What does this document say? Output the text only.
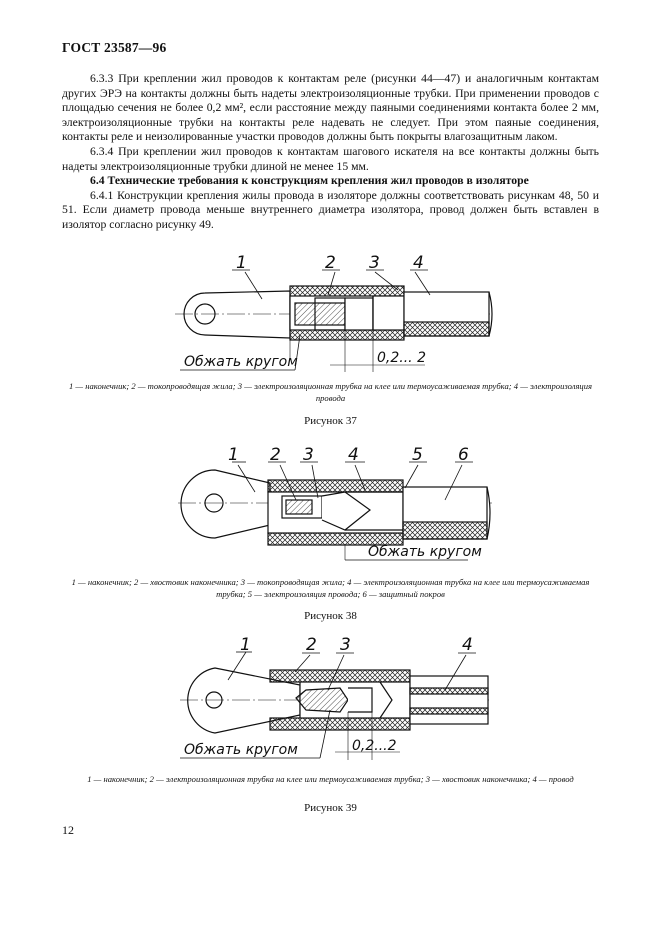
ГОСТ 23587—96

6.3.3 При креплении жил проводов к контактам реле (рисунки 44—47) и аналогичным контактам других ЭРЭ на контакты должны быть надеты электроизоляционные трубки. При применении проводов с площадью сечения не более 0,2 мм², если расстояние между паяными соединениями контакта более 2 мм, электроизоляционные трубки на контакты реле надевать не следует. При этом паяные соединения, контакты реле и неизолированные участки проводов должны быть покрыты влагозащитным лаком.

6.3.4 При креплении жил проводов к контактам шагового искателя на все контакты должны быть надеты электроизоляционные трубки длиной не менее 15 мм.

6.4 Технические требования к конструкциям крепления жил проводов в изоляторе

6.4.1 Конструкции крепления жилы провода в изоляторе должны соответствовать рисункам 48, 50 и 51. Если диаметр провода меньше внутреннего диаметра изолятора, провод должен быть вставлен в изолятор согласно рисунку 49.

1	2 3 4
Обжать кругом	0,2... 2
1 2 3 4	5 6
Обжать кругом
1	2 3	4
Обжать кругом	0,2...2
1 — наконечник; 2 — токопроводящая жила; 3 — электроизоляционная трубка на клее или термоусаживаемая трубка; 4 — электроизоляция провода
Рисунок 37
1 — наконечник; 2 — хвостовик наконечника; 3 — токопроводящая жила; 4 — электроизоляционная трубка на клее или термоусаживаемая трубка; 5 — электроизоляция провода; 6 — защитный покров
Рисунок 38
1 — наконечник; 2 — электроизоляционная трубка на клее или термоусаживаемая трубка; 3 — хвостовик наконечника; 4 — провод
Рисунок 39
12
